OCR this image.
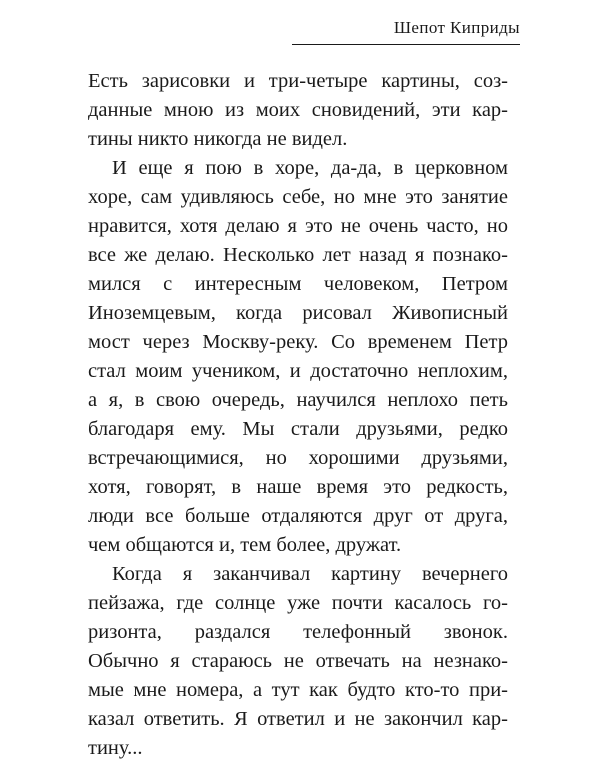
Шепот Киприды
Есть зарисовки и три-четыре картины, соз-
данные мною из моих сновидений, эти кар-
тины никто никогда не видел.
И еще я пою в хоре, да-да, в церковном
хоре, сам удивляюсь себе, но мне это занятие
нравится, хотя делаю я это не очень часто, но
все же делаю. Несколько лет назад я познако-
мился с интересным человеком, Петром
Иноземцевым, когда рисовал Живописный
мост через Москву-реку. Со временем Петр
стал моим учеником, и достаточно неплохим,
а я, в свою очередь, научился неплохо петь
благодаря ему. Мы стали друзьями, редко
встречающимися, но хорошими друзьями,
хотя, говорят, в наше время это редкость,
люди все больше отдаляются друг от друга,
чем общаются и, тем более, дружат.
Когда я заканчивал картину вечернего
пейзажа, где солнце уже почти касалось го-
ризонта, раздался телефонный звонок.
Обычно я стараюсь не отвечать на незнако-
мые мне номера, а тут как будто кто-то при-
казал ответить. Я ответил и не закончил кар-
тину...
